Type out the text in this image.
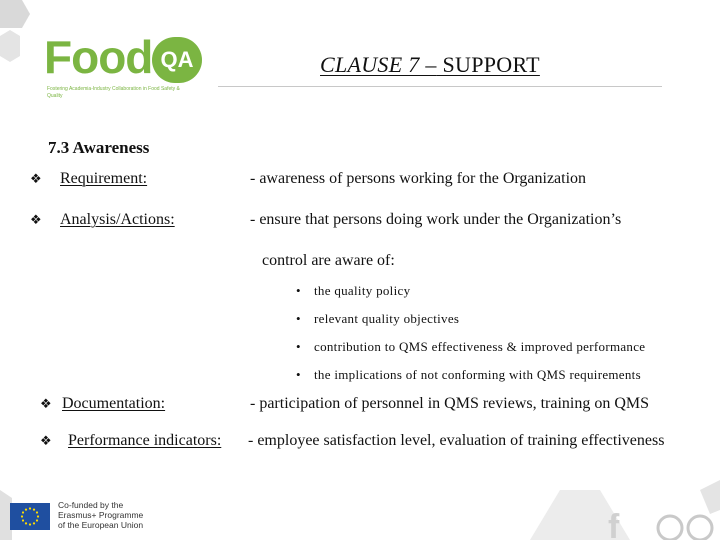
f
Food QA
Fostering Academia-Industry Collaboration in Food Safety & Quality
CLAUSE 7 – SUPPORT
7.3 Awareness
❖ Requirement:	- awareness of persons working for the Organization
❖ Analysis/Actions:	- ensure that persons doing work under the Organization’s
control are aware of:
• the quality policy
• relevant quality objectives
• contribution to QMS effectiveness & improved performance
• the implications of not conforming with QMS requirements
❖ Documentation:	- participation of personnel in QMS reviews, training on QMS
❖ Performance indicators: - employee satisfaction level, evaluation of training effectiveness
Co-funded by the
Erasmus+ Programme
of the European Union
